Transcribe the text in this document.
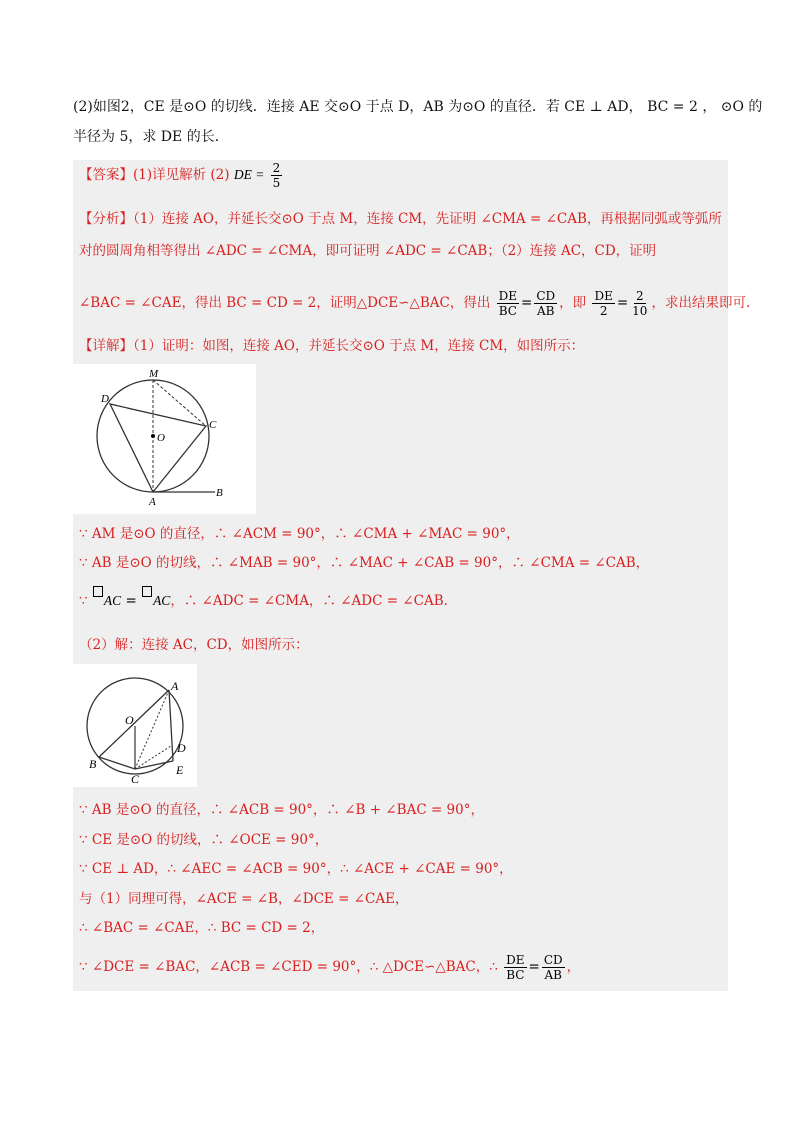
(2)如图2，CE 是⊙O 的切线．连接 AE 交⊙O 于点 D，AB 为⊙O 的直径．若 CE ⊥ AD， BC = 2 ， ⊙O 的
半径为 5，求 DE 的长．
【答案】(1)详见解析 (2) DE = $\frac{2}{5}$
【分析】（1）连接 AO，并延长交⊙O 于点 M，连接 CM，先证明 ∠CMA = ∠CAB，再根据同弧或等弧所
对的圆周角相等得出 ∠ADC = ∠CMA，即可证明 ∠ADC = ∠CAB；（2）连接 AC，CD，证明
∠BAC = ∠CAE，得出 BC = CD = 2，证明△DCE∽△BAC，得出 $\frac{DE}{BC} = \frac{CD}{AB}$ ，即 $\frac{DE}{2} = \frac{2}{10}$ ，求出结果即可.
【详解】（1）证明：如图，连接 AO，并延长交⊙O 于点 M，连接 CM，如图所示：
M
D
C
O
A
B
∵ AM 是⊙O 的直径，∴ ∠ACM = 90°，∴ ∠CMA + ∠MAC = 90°，
∵ AB 是⊙O 的切线，∴ ∠MAB = 90°，∴ ∠MAC + ∠CAB = 90°，∴ ∠CMA = ∠CAB，
∵ AC = AC，∴ ∠ADC = ∠CMA，∴ ∠ADC = ∠CAB.
（2）解：连接 AC，CD，如图所示：
A
O
D
B
C
E
∵ AB 是⊙O 的直径，∴ ∠ACB = 90°，∴ ∠B + ∠BAC = 90°，
∵ CE 是⊙O 的切线，∴ ∠OCE = 90°，
∵ CE ⊥ AD，∴ ∠AEC = ∠ACB = 90°，∴ ∠ACE + ∠CAE = 90°，
与（1）同理可得，∠ACE = ∠B，∠DCE = ∠CAE，
∴ ∠BAC = ∠CAE，∴ BC = CD = 2，
∵ ∠DCE = ∠BAC，∠ACB = ∠CED = 90°，∴ △DCE∽△BAC，∴ $\frac{DE}{BC} = \frac{CD}{AB}$ ，
